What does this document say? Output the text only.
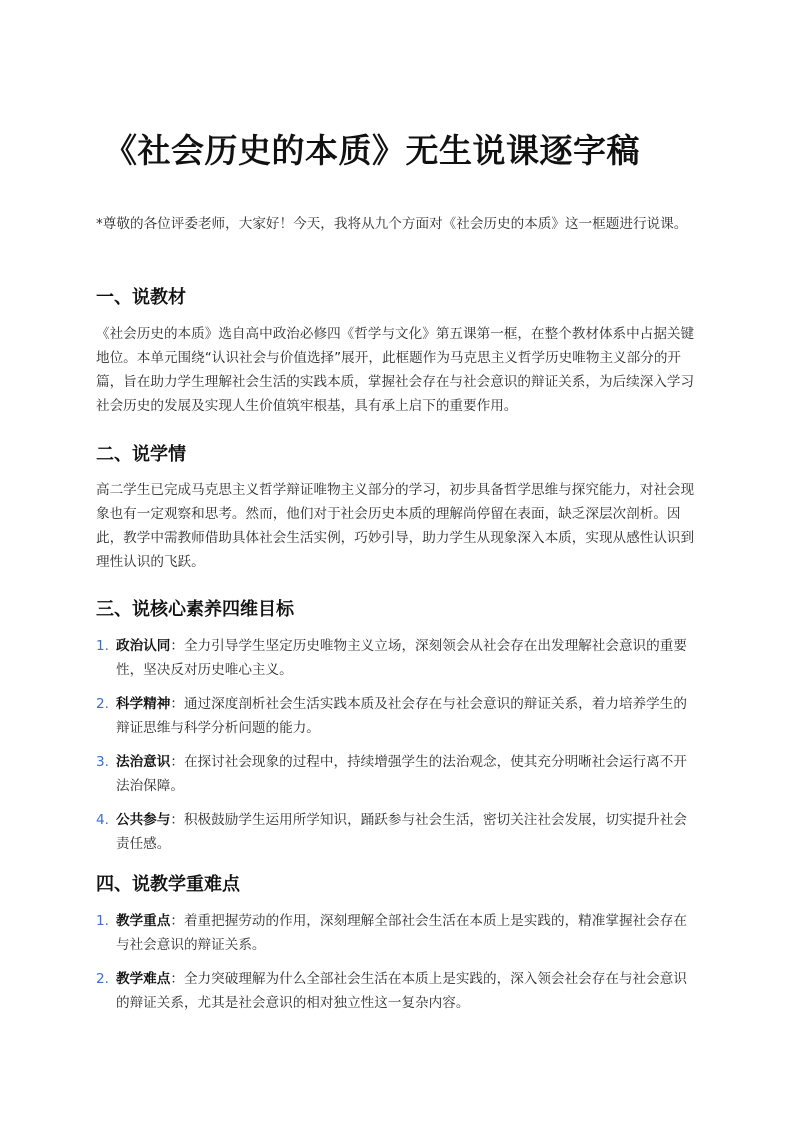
《社会历史的本质》无生说课逐字稿
*尊敬的各位评委老师，大家好！今天，我将从九个方面对《社会历史的本质》这一框题进行说课。
一、说教材
《社会历史的本质》选自高中政治必修四《哲学与文化》第五课第一框，在整个教材体系中占据关键地位。本单元围绕“认识社会与价值选择”展开，此框题作为马克思主义哲学历史唯物主义部分的开篇，旨在助力学生理解社会生活的实践本质，掌握社会存在与社会意识的辩证关系，为后续深入学习社会历史的发展及实现人生价值筑牢根基，具有承上启下的重要作用。
二、说学情
高二学生已完成马克思主义哲学辩证唯物主义部分的学习，初步具备哲学思维与探究能力，对社会现象也有一定观察和思考。然而，他们对于社会历史本质的理解尚停留在表面，缺乏深层次剖析。因此，教学中需教师借助具体社会生活实例，巧妙引导，助力学生从现象深入本质，实现从感性认识到理性认识的飞跃。
三、说核心素养四维目标
1. 政治认同：全力引导学生坚定历史唯物主义立场，深刻领会从社会存在出发理解社会意识的重要性，坚决反对历史唯心主义。
2. 科学精神：通过深度剖析社会生活实践本质及社会存在与社会意识的辩证关系，着力培养学生的辩证思维与科学分析问题的能力。
3. 法治意识：在探讨社会现象的过程中，持续增强学生的法治观念，使其充分明晰社会运行离不开法治保障。
4. 公共参与：积极鼓励学生运用所学知识，踊跃参与社会生活，密切关注社会发展，切实提升社会责任感。
四、说教学重难点
1. 教学重点：着重把握劳动的作用，深刻理解全部社会生活在本质上是实践的，精准掌握社会存在与社会意识的辩证关系。
2. 教学难点：全力突破理解为什么全部社会生活在本质上是实践的，深入领会社会存在与社会意识的辩证关系，尤其是社会意识的相对独立性这一复杂内容。
